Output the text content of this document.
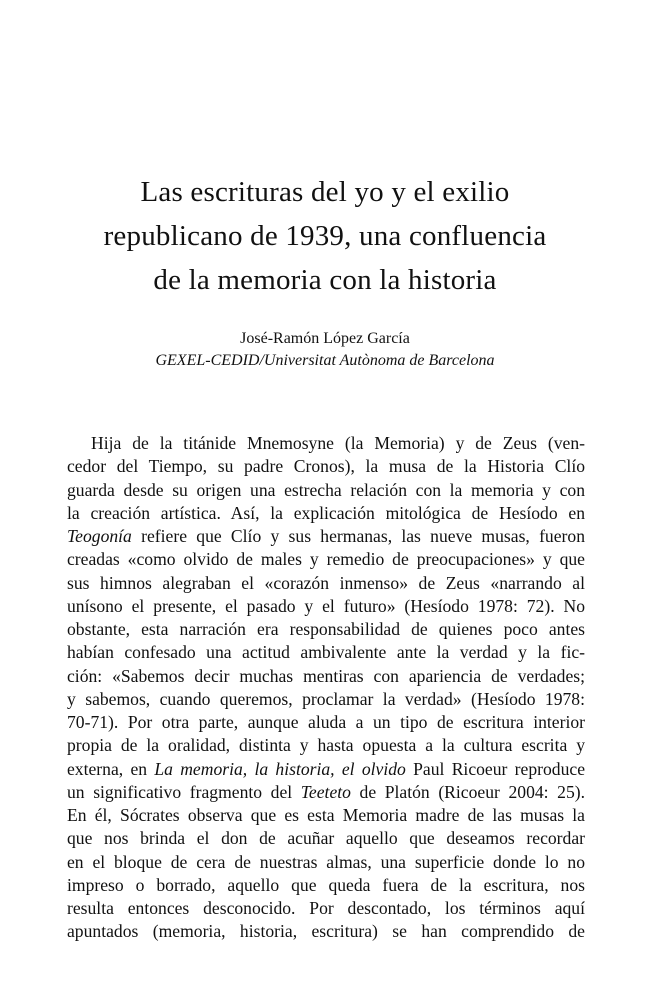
Las escrituras del yo y el exilio
republicano de 1939, una confluencia
de la memoria con la historia

José-Ramón López García

GEXEL-CEDID/Universitat Autònoma de Barcelona

Hija de la titánide Mnemosyne (la Memoria) y de Zeus (ven-
cedor del Tiempo, su padre Cronos), la musa de la Historia Clío
guarda desde su origen una estrecha relación con la memoria y con
la creación artística. Así, la explicación mitológica de Hesíodo en
Teogonía refiere que Clío y sus hermanas, las nueve musas, fueron
creadas «como olvido de males y remedio de preocupaciones» y que
sus himnos alegraban el «corazón inmenso» de Zeus «narrando al
unísono el presente, el pasado y el futuro» (Hesíodo 1978: 72). No
obstante, esta narración era responsabilidad de quienes poco antes
habían confesado una actitud ambivalente ante la verdad y la fic-
ción: «Sabemos decir muchas mentiras con apariencia de verdades;
y sabemos, cuando queremos, proclamar la verdad» (Hesíodo 1978:
70-71). Por otra parte, aunque aluda a un tipo de escritura interior
propia de la oralidad, distinta y hasta opuesta a la cultura escrita y
externa, en La memoria, la historia, el olvido Paul Ricoeur reproduce
un significativo fragmento del Teeteto de Platón (Ricoeur 2004: 25).
En él, Sócrates observa que es esta Memoria madre de las musas la
que nos brinda el don de acuñar aquello que deseamos recordar
en el bloque de cera de nuestras almas, una superficie donde lo no
impreso o borrado, aquello que queda fuera de la escritura, nos
resulta entonces desconocido. Por descontado, los términos aquí
apuntados (memoria, historia, escritura) se han comprendido de
